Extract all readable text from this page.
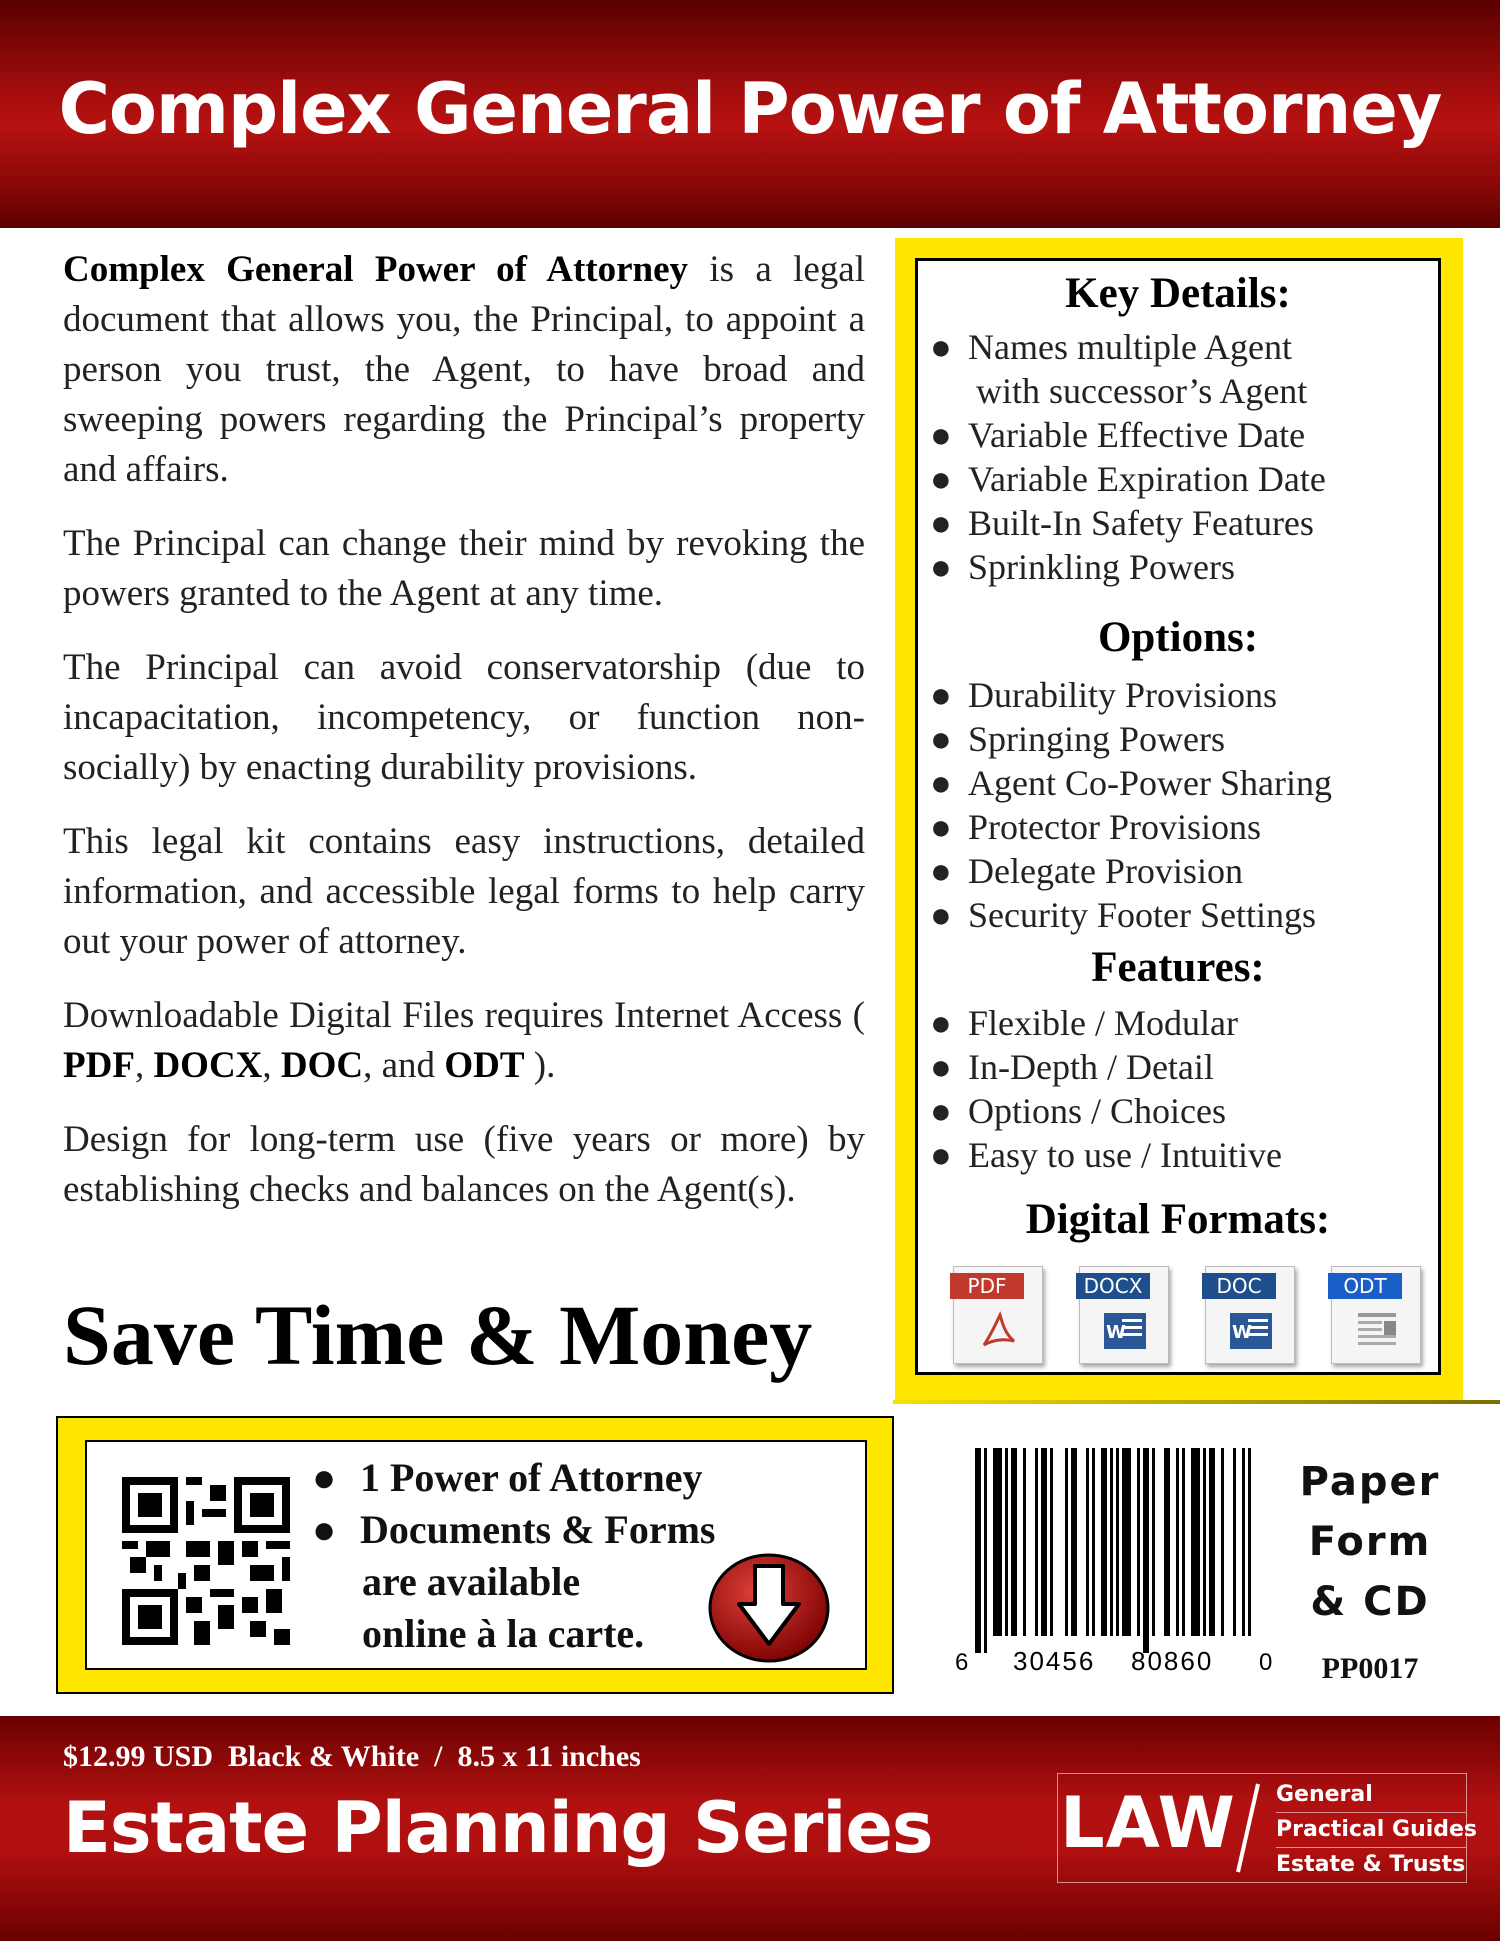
Complex General Power of Attorney

Complex General Power of Attorney is a legal document that allows you, the Principal, to appoint a person you trust, the Agent, to have broad and sweeping powers regarding the Principal’s property and affairs.

The Principal can change their mind by revoking the powers granted to the Agent at any time.

The Principal can avoid conservatorship (due to incapacitation, incompetency, or function non-socially) by enacting durability provisions.

This legal kit contains easy instructions, detailed information, and accessible legal forms to help carry out your power of attorney.

Downloadable Digital Files requires Internet Access ( PDF, DOCX, DOC, and ODT ).

Design for long-term use (five years or more) by establishing checks and balances on the Agent(s).

Save Time & Money
Key Details:
● Names multiple Agent
with successor’s Agent
● Variable Effective Date
● Variable Expiration Date
● Built-In Safety Features
● Sprinkling Powers
Options:
● Durability Provisions
● Springing Powers
● Agent Co-Power Sharing
● Protector Provisions
● Delegate Provision
● Security Footer Settings
Features:
● Flexible / Modular
● In-Depth / Detail
● Options / Choices
● Easy to use / Intuitive
Digital Formats:
PDF	DOCX
W
DOC
W
ODT
● 1 Power of Attorney
● Documents & Forms
are available
online à la carte.
6 30456 80860 0
Paper
Form
& CD
PP0017
$12.99 USD  Black & White  /  8.5 x 11 inches
Estate Planning Series LAW General
Practical Guides
Estate & Trusts
